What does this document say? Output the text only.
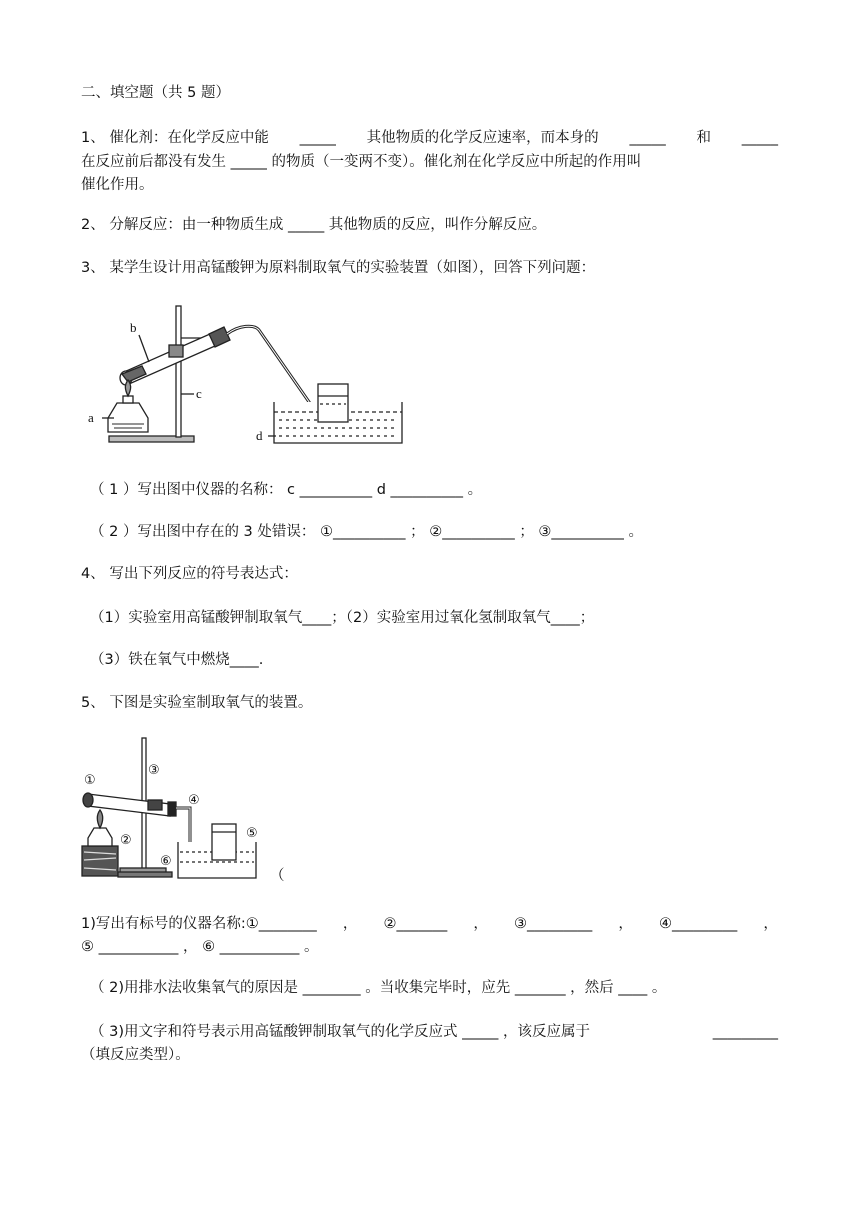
二、填空题（共 5 题）
1、 催化剂：在化学反应中能 _____ 其他物质的化学反应速率，而本身的 _____ 和 _____
在反应前后都没有发生 _____ 的物质（一变两不变）。催化剂在化学反应中所起的作用叫
催化作用。
2、 分解反应：由一种物质生成 _____ 其他物质的反应，叫作分解反应。
3、 某学生设计用高锰酸钾为原料制取氧气的实验装置（如图），回答下列问题：
b
c
a
d
（ 1 ）写出图中仪器的名称： c __________ d __________ 。
（ 2 ）写出图中存在的 3 处错误： ①__________ ； ②__________ ； ③__________ 。
4、 写出下列反应的符号表达式：
（1）实验室用高锰酸钾制取氧气____；（2）实验室用过氧化氢制取氧气____；
（3）铁在氧气中燃烧____.
5、 下图是实验室制取氧气的装置。
①
③
④
⑤
②
⑥
（
1)写出有标号的仪器名称:①________ ， ②_______ ， ③_________ ， ④_________ ，
⑤ ___________ ， ⑥ ___________ 。
（ 2)用排水法收集氧气的原因是 ________ 。当收集完毕时，应先 _______ ，然后 ____ 。
（ 3)用文字和符号表示用高锰酸钾制取氧气的化学反应式 _____ ，该反应属于	_________
（填反应类型）。
